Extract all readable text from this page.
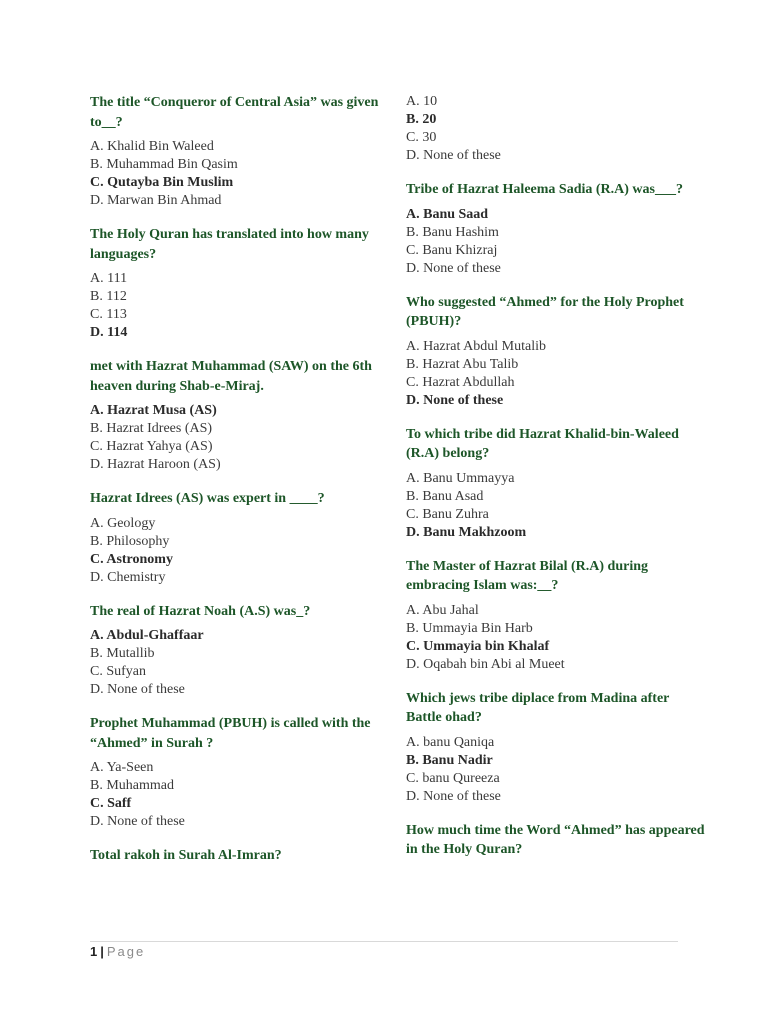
The title “Conqueror of Central Asia” was given to__?

A. Khalid Bin Waleed
B. Muhammad Bin Qasim
C. Qutayba Bin Muslim
D. Marwan Bin Ahmad

The Holy Quran has translated into how many languages?

A. 111
B. 112
C. 113
D. 114

met with Hazrat Muhammad (SAW) on the 6th heaven during Shab-e-Miraj.

A. Hazrat Musa (AS)
B. Hazrat Idrees (AS)
C. Hazrat Yahya (AS)
D. Hazrat Haroon (AS)

Hazrat Idrees (AS) was expert in ____?

A. Geology
B. Philosophy
C. Astronomy
D. Chemistry

The real of Hazrat Noah (A.S) was_?

A. Abdul-Ghaffaar
B. Mutallib
C. Sufyan
D. None of these

Prophet Muhammad (PBUH) is called with the “Ahmed” in Surah ?

A. Ya-Seen
B. Muhammad
C. Saff
D. None of these

Total rakoh in Surah Al-Imran?

A. 10
B. 20
C. 30
D. None of these

Tribe of Hazrat Haleema Sadia (R.A) was___?

A. Banu Saad
B. Banu Hashim
C. Banu Khizraj
D. None of these

Who suggested “Ahmed” for the Holy Prophet (PBUH)?

A. Hazrat Abdul Mutalib
B. Hazrat Abu Talib
C. Hazrat Abdullah
D. None of these

To which tribe did Hazrat Khalid-bin-Waleed (R.A) belong?

A. Banu Ummayya
B. Banu Asad
C. Banu Zuhra
D. Banu Makhzoom

The Master of Hazrat Bilal (R.A) during embracing Islam was:__?

A. Abu Jahal
B. Ummayia Bin Harb
C. Ummayia bin Khalaf
D. Oqabah bin Abi al Mueet

Which jews tribe diplace from Madina after Battle ohad?

A. banu Qaniqa
B. Banu Nadir
C. banu Qureeza
D. None of these

How much time the Word “Ahmed” has appeared in the Holy Quran?

1 | Page
